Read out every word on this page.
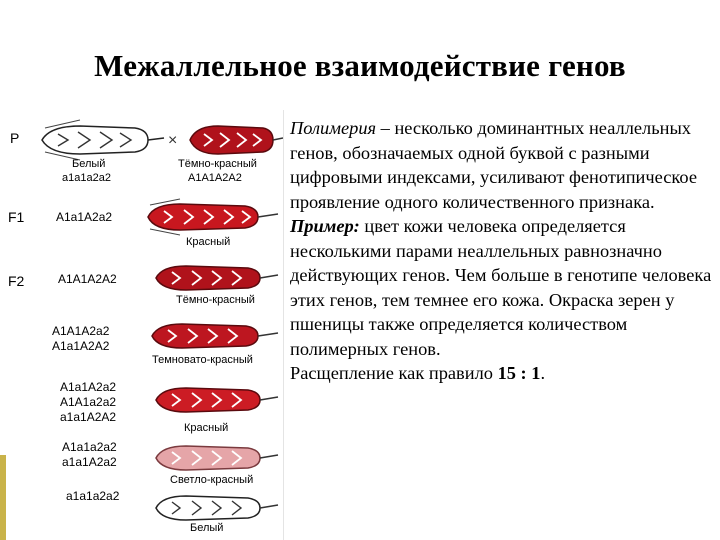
Межаллельное взаимодействие генов
P
F1
F2
×
Белый
a1a1a2a2
Тёмно-красный
A1A1A2A2
A1a1A2a2
Красный
A1A1A2A2
Тёмно-красный
A1A1A2a2
A1a1A2A2
Темновато-красный
A1a1A2a2
A1A1a2a2
a1a1A2A2
Красный
A1a1a2a2
a1a1A2a2
Светло-красный
a1a1a2a2
Белый

Полимерия – несколько доминантных неаллельных генов, обозначаемых одной буквой с разными цифровыми индексами, усиливают фенотипическое проявление одного количественного признака.

Пример: цвет кожи человека определяется несколькими парами неаллельных равнозначно действующих генов. Чем больше в генотипе человека этих генов, тем темнее его кожа. Окраска зерен у пшеницы также определяется количеством полимерных генов.

Расщепление как правило 15 : 1.
